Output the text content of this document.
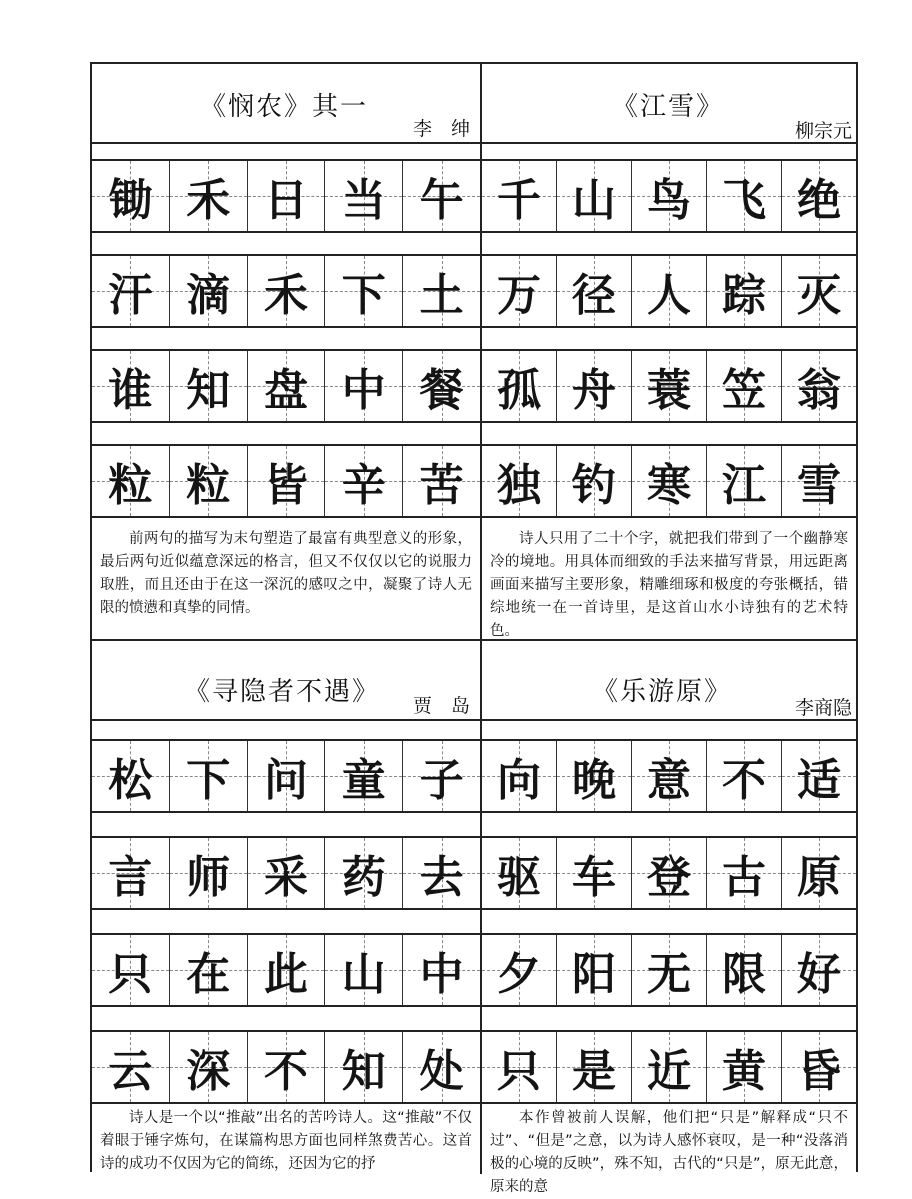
《悯农》其一
李　绅
锄 禾 日 当 午
汗 滴 禾 下 土
谁 知 盘 中 餐
粒 粒 皆 辛 苦
前两句的描写为末句塑造了最富有典型意义的形象，最后两句近似蕴意深远的格言，但又不仅仅以它的说服力取胜，而且还由于在这一深沉的感叹之中，凝聚了诗人无限的愤懑和真挚的同情。
《江雪》
柳宗元
千 山 鸟 飞 绝
万 径 人 踪 灭
孤 舟 蓑 笠 翁
独 钓 寒 江 雪
诗人只用了二十个字，就把我们带到了一个幽静寒冷的境地。用具体而细致的手法来描写背景，用远距离画面来描写主要形象，精雕细琢和极度的夸张概括，错综地统一在一首诗里，是这首山水小诗独有的艺术特色。
《寻隐者不遇》 贾　岛
松 下 问 童 子
言 师 采 药 去
只 在 此 山 中
云 深 不 知 处
诗人是一个以“推敲”出名的苦吟诗人。这“推敲”不仅着眼于锤字炼句，在谋篇构思方面也同样煞费苦心。这首诗的成功不仅因为它的简练，还因为它的抒
《乐游原》
李商隐
向 晚 意 不 适
驱 车 登 古 原
夕 阳 无 限 好
只 是 近 黄 昏
本作曾被前人误解，他们把“只是”解释成“只不过”、“但是”之意，以为诗人感怀衰叹，是一种“没落消极的心境的反映”，殊不知，古代的“只是”，原无此意，原来的意
